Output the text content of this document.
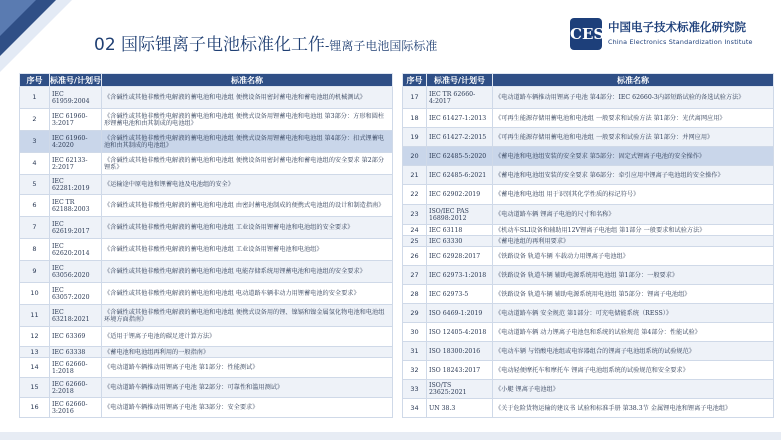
02 国际锂离子电池标准化工作-锂离子电池国际标准
CESI
中国电子技术标准化研究院
China Electronics Standardization Institute
序号	标准号/计划号	标准名称
1	IEC 61959:2004	《含碱性或其他非酸性电解液的蓄电池和电池组 便携设备用密封蓄电池和蓄电池组的机械测试》
2	IEC 61960-3:2017	《含碱性或其他非酸性电解液的蓄电池和电池组 便携式设备用锂蓄电池和电池组 第3部分：方形和圆柱形锂蓄电池和由其制成的电池组》
3	IEC 61960-4:2020	《含碱性或其他非酸性电解液的蓄电池和电池组 便携式设备用锂蓄电池和电池组 第4部分：扣式锂蓄电池和由其制成的电池组》
4	IEC 62133-2:2017	《含碱性或其他非酸性电解液的蓄电池和电池组 便携设备用密封蓄电池和蓄电池组的安全要求 第2部分 锂系》
5	IEC 62281:2019	《运输途中原电池和锂蓄电池及电池组的安全》
6	IEC TR 62188:2003	《含碱性或其他非酸性电解液的蓄电池和电池组 由密封蓄电池制成的便携式电池组的设计和制造指南》
7	IEC 62619:2017	《含碱性或其他非酸性电解液的蓄电池和电池组 工业设备用锂蓄电池和电池组的安全要求》
8	IEC 62620:2014	《含碱性或其他非酸性电解液的蓄电池和电池组 工业设备用锂蓄电池和电池组》
9	IEC 63056:2020	《含碱性或其他非酸性电解液的蓄电池和电池组 电能存储系统用锂蓄电池和电池组的安全要求》
10	IEC 63057:2020	《含碱性或其他非酸性电解液的蓄电池和电池组 电动道路车辆非动力用锂蓄电池的安全要求》
11	IEC 63218:2021	《含碱性或其他非酸性电解液的蓄电池和电池组 便携式设备用的锂、镍镉和镍金属氢化物电池和电池组 环境方面指南》
12	IEC 63369	《适用于锂离子电池的碳足迹计算方法》
13	IEC 63338	《蓄电池和电池组再利用的一般指南》
14	IEC 62660-1:2018	《电动道路车辆推动用锂离子电池 第1部分：性能测试》
15	IEC 62660-2:2018	《电动道路车辆推动用锂离子电池 第2部分：可靠性和滥用测试》
16	IEC 62660-3:2016	《电动道路车辆推动用锂离子电池 第3部分：安全要求》
序号	标准号/计划号	标准名称
17	IEC TR 62660-4:2017	《电动道路车辆推动用锂离子电池 第4部分：IEC 62660-3内部短路试验的备选试验方法》
18	IEC 61427-1:2013	《可再生能源存储用蓄电池和电池组 一般要求和试验方法 第1部分：光伏离网应用》
19	IEC 61427-2:2015	《可再生能源存储用蓄电池和电池组 一般要求和试验方法 第1部分：并网应用》
20	IEC 62485-5:2020	《蓄电池和电池组安装的安全要求 第5部分：固定式锂离子电池的安全操作》
21	IEC 62485-6:2021	《蓄电池和电池组安装的安全要求 第6部分：牵引应用中锂离子电池组的安全操作》
22	IEC 62902:2019	《蓄电池和电池组 用于识别其化学性质的标记符号》
23	ISO/IEC PAS 16898:2012	《电动道路车辆 锂离子电池的尺寸和名称》
24	IEC 63118	《机动车SLI设备和辅助用12V锂离子电池组 第1部分 一般要求和试验方法》
25	IEC 63330	《蓄电池组的再利用要求》
26	IEC 62928:2017	《铁路设备 轨道车辆 车载动力用锂离子电池组》
27	IEC 62973-1:2018	《铁路设备 轨道车辆 辅助电源系统用电池组 第1部分：一般要求》
28	IEC 62973-5	《铁路设备 轨道车辆 辅助电源系统用电池组 第5部分：锂离子电池组》
29	ISO 6469-1:2019	《电动道路车辆 安全规范 第1部分：可充电储能系统（RESS）》
30	ISO 12405-4:2018	《电动道路车辆 动力锂离子电池包和系统的试验规范 第4部分：性能试验》
31	ISO 18300:2016	《电动车辆 与铅酸电池组或电容器组合的锂离子电池组系统的试验规范》
32	ISO 18243:2017	《电动轻便摩托车和摩托车 锂离子电池组系统的试验规范和安全要求》
33	ISO/TS 23625:2021	《小艇 锂离子电池组》
34	UN 38.3	《关于危险货物运输的建议书 试验和标准手册 第38.3节 金属锂电池和锂离子电池组》
